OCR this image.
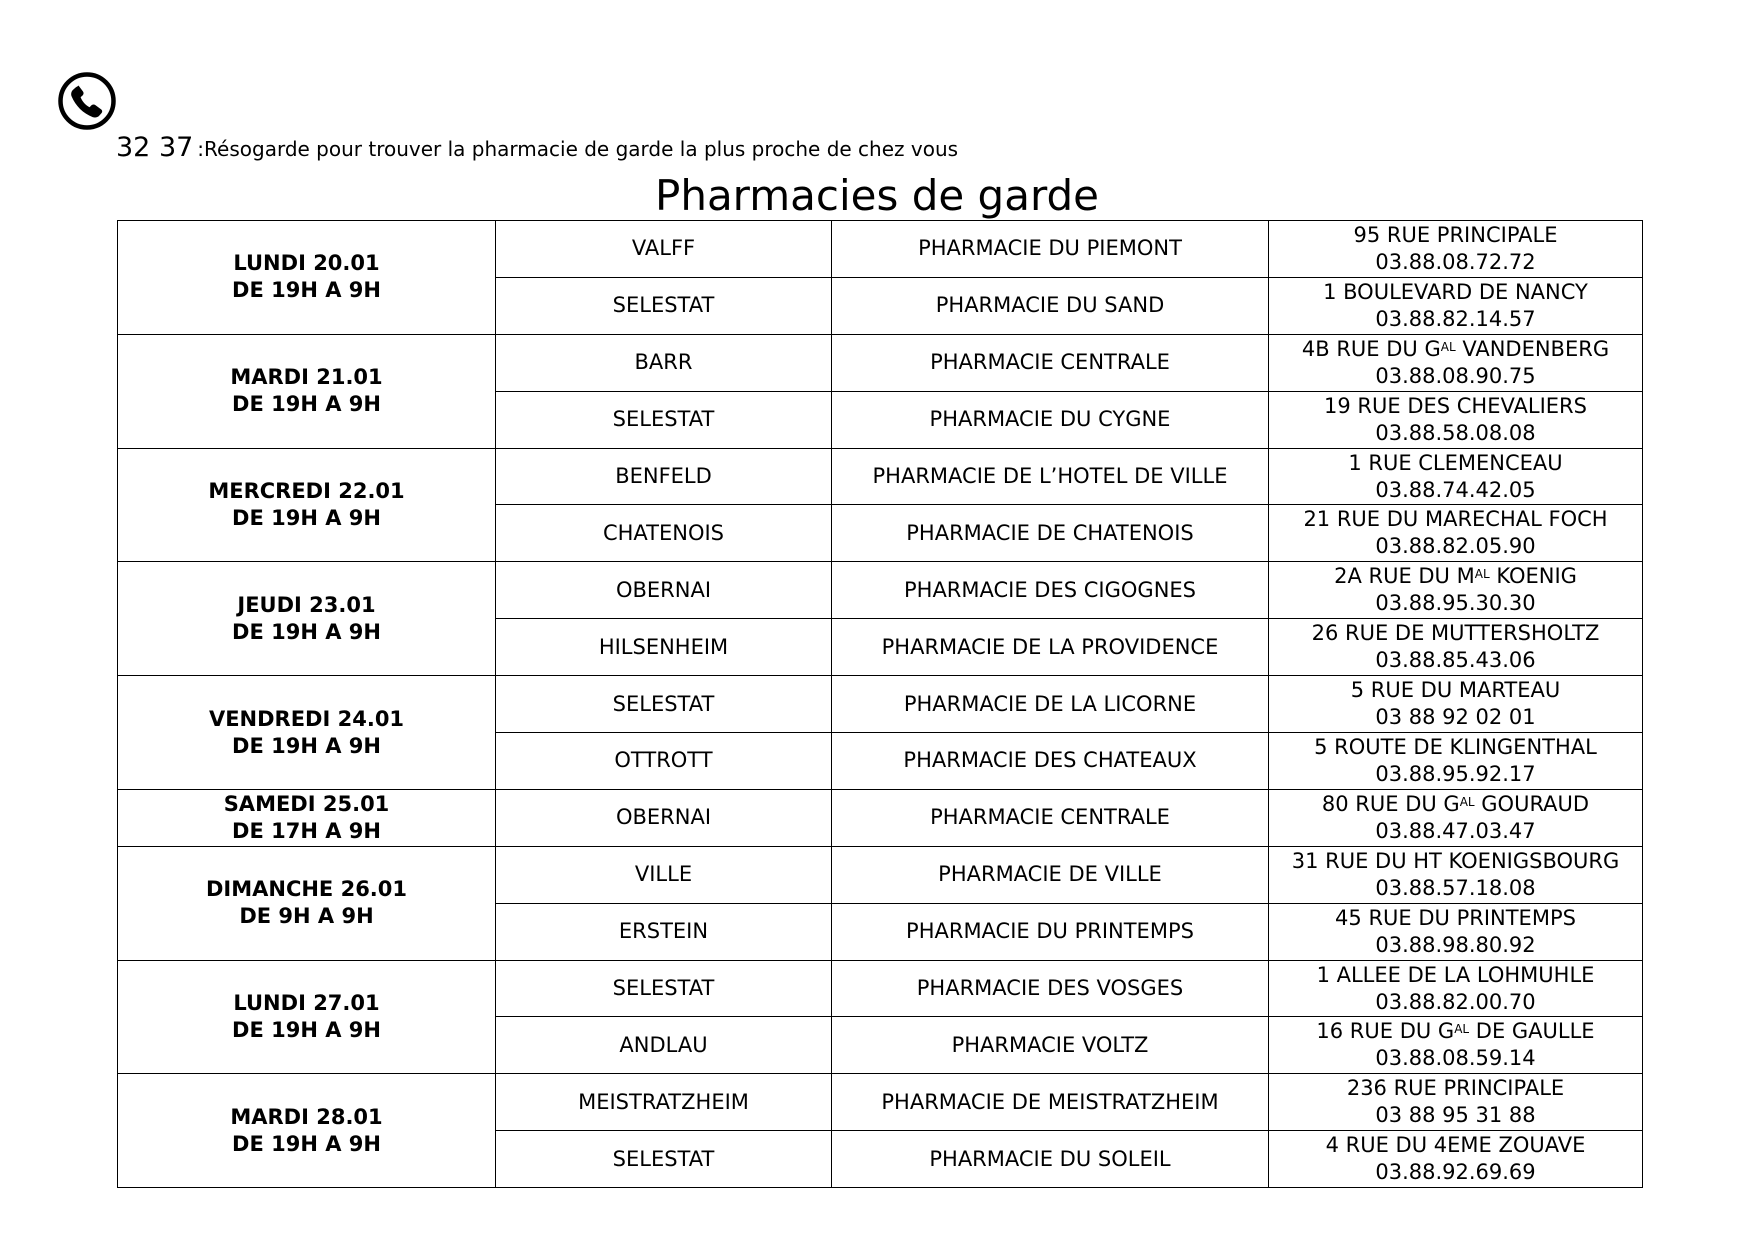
32 37 :Résogarde pour trouver la pharmacie de garde la plus proche de chez vous
Pharmacies de garde
LUNDI 20.01
DE 19H A 9H	VALFF	PHARMACIE DU PIEMONT	95 RUE PRINCIPALE
03.88.08.72.72

	SELESTAT	PHARMACIE DU SAND	1 BOULEVARD DE NANCY
03.88.82.14.57

MARDI 21.01
DE 19H A 9H	BARR	PHARMACIE CENTRALE	4B RUE DU $G^{AL}$ VANDENBERG
03.88.08.90.75

	SELESTAT	PHARMACIE DU CYGNE	19 RUE DES CHEVALIERS
03.88.58.08.08

MERCREDI 22.01
DE 19H A 9H	BENFELD	PHARMACIE DE L’HOTEL DE VILLE	1 RUE CLEMENCEAU
03.88.74.42.05

	CHATENOIS	PHARMACIE DE CHATENOIS	21 RUE DU MARECHAL FOCH
03.88.82.05.90

JEUDI 23.01
DE 19H A 9H	OBERNAI	PHARMACIE DES CIGOGNES	2A RUE DU $M^{AL}$ KOENIG
03.88.95.30.30

	HILSENHEIM	PHARMACIE DE LA PROVIDENCE	26 RUE DE MUTTERSHOLTZ
03.88.85.43.06

VENDREDI 24.01
DE 19H A 9H	SELESTAT	PHARMACIE DE LA LICORNE	5 RUE DU MARTEAU
03 88 92 02 01

	OTTROTT	PHARMACIE DES CHATEAUX	5 ROUTE DE KLINGENTHAL
03.88.95.92.17

SAMEDI 25.01
DE 17H A 9H	OBERNAI	PHARMACIE CENTRALE	80 RUE DU $G^{AL}$ GOURAUD
03.88.47.03.47

DIMANCHE 26.01
DE 9H A 9H	VILLE	PHARMACIE DE VILLE	31 RUE DU HT KOENIGSBOURG
03.88.57.18.08

	ERSTEIN	PHARMACIE DU PRINTEMPS	45 RUE DU PRINTEMPS
03.88.98.80.92

LUNDI 27.01
DE 19H A 9H	SELESTAT	PHARMACIE DES VOSGES	1 ALLEE DE LA LOHMUHLE
03.88.82.00.70

	ANDLAU	PHARMACIE VOLTZ	16 RUE DU $G^{AL}$ DE GAULLE
03.88.08.59.14

MARDI 28.01
DE 19H A 9H	MEISTRATZHEIM	PHARMACIE DE MEISTRATZHEIM	236 RUE PRINCIPALE
03 88 95 31 88

	SELESTAT	PHARMACIE DU SOLEIL	4 RUE DU 4EME ZOUAVE
03.88.92.69.69
